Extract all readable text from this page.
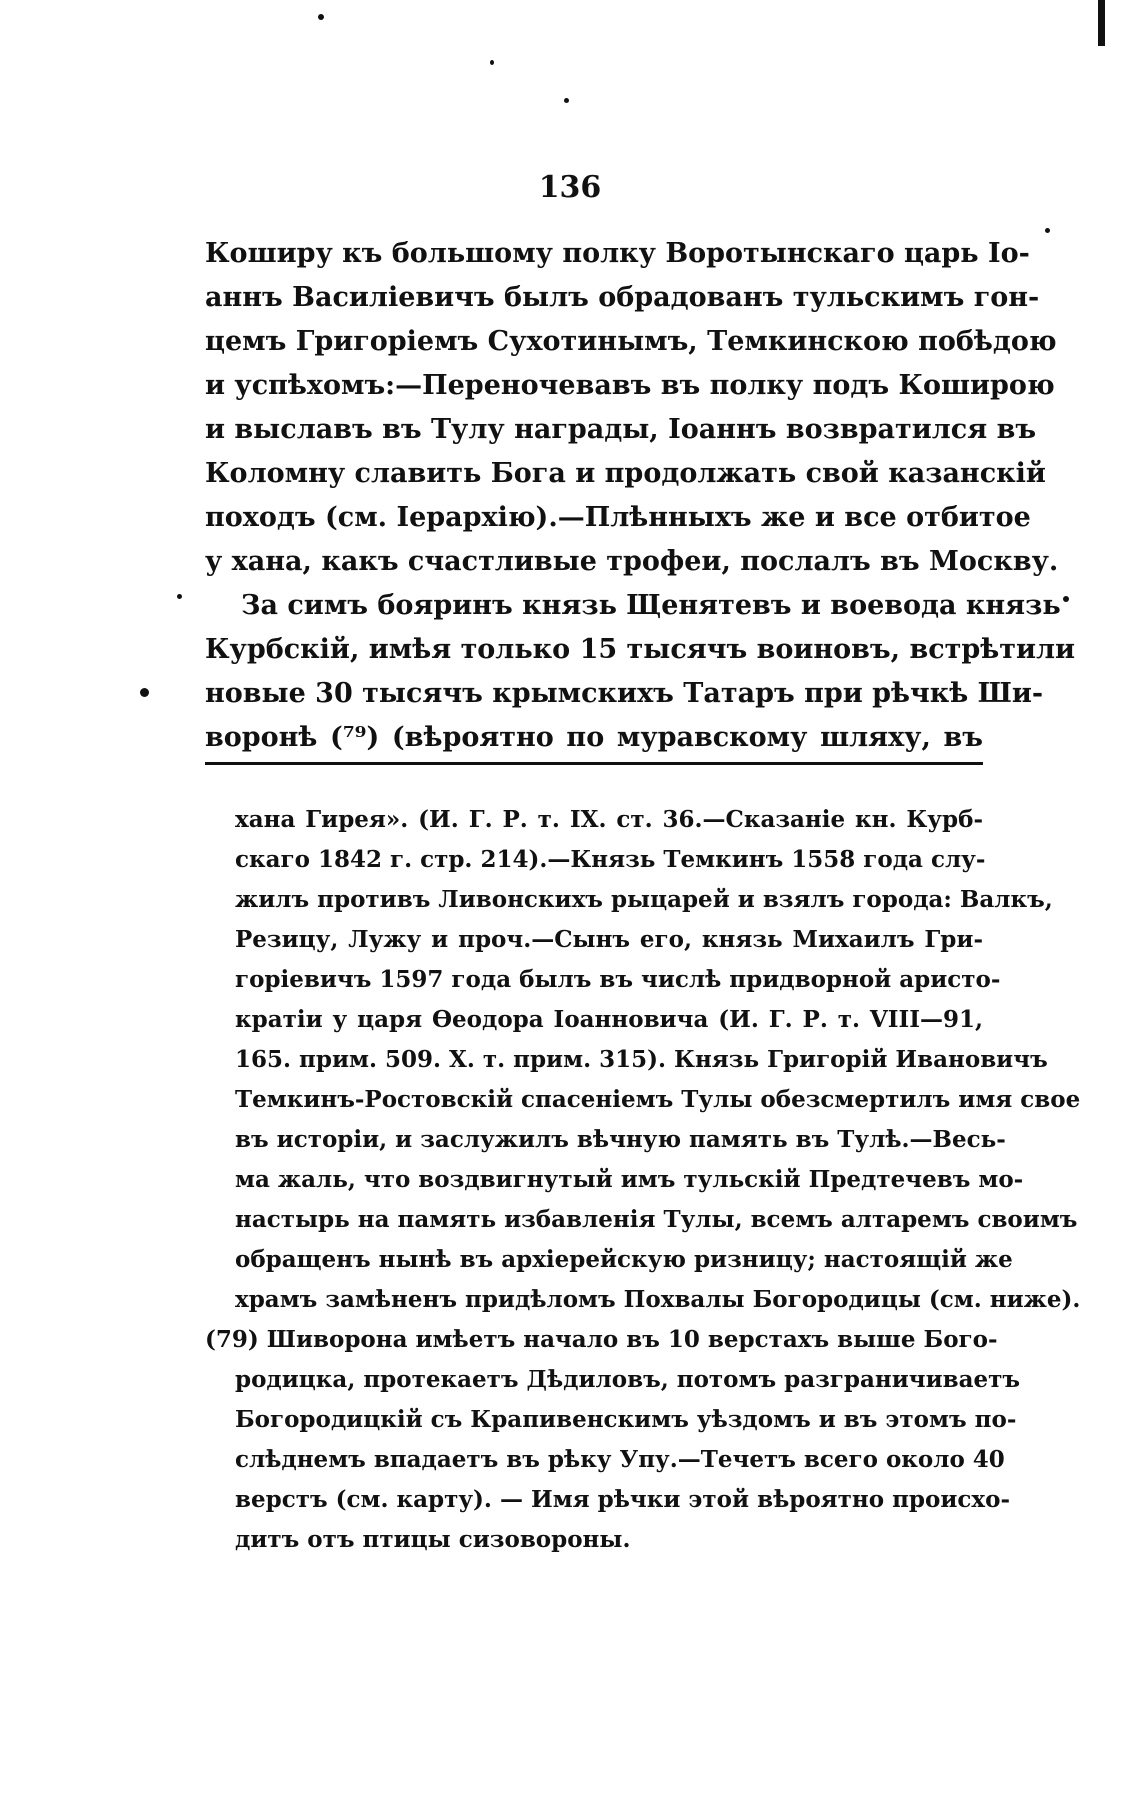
136
Коширу къ большому полку Воротынскаго царь Іо-
аннъ Василіевичъ былъ обрадованъ тульскимъ гон-
цемъ Григоріемъ Сухотинымъ, Темкинскою побѣдою
и успѣхомъ:—Переночевавъ въ полку подъ Коширою
и выславъ въ Тулу награды, Іоаннъ возвратился въ
Коломну славить Бога и продолжать свой казанскій
походъ (см. Іерархію).—Плѣнныхъ же и все отбитое
у хана, какъ счастливые трофеи, послалъ въ Москву.
За симъ бояринъ князь Щенятевъ и воевода князь
Курбскій, имѣя только 15 тысячъ воиновъ, встрѣтили
новые 30 тысячъ крымскихъ Татаръ при рѣчкѣ Ши-
воронѣ (⁷⁹) (вѣроятно по муравскому шляху, въ
хана Гирея». (И. Г. Р. т. IX. ст. 36.—Сказаніе кн. Курб-
скаго 1842 г. стр. 214).—Князь Темкинъ 1558 года слу-
жилъ противъ Ливонскихъ рыцарей и взялъ города: Валкъ,
Резицу, Лужу и проч.—Сынъ его, князь Михаилъ Гри-
горіевичъ 1597 года былъ въ числѣ придворной аристо-
кратіи у царя Ѳеодора Іоанновича (И. Г. Р. т. VIII—91,
165. прим. 509. X. т. прим. 315). Князь Григорій Ивановичъ
Темкинъ-Ростовскій спасеніемъ Тулы обезсмертилъ имя свое
въ исторіи, и заслужилъ вѣчную память въ Тулѣ.—Весь-
ма жаль, что воздвигнутый имъ тульскій Предтечевъ мо-
настырь на память избавленія Тулы, всемъ алтаремъ своимъ
обращенъ нынѣ въ архіерейскую ризницу; настоящій же
храмъ замѣненъ придѣломъ Похвалы Богородицы (см. ниже).
(79) Шиворона имѣетъ начало въ 10 верстахъ выше Бого-
родицка, протекаетъ Дѣдиловъ, потомъ разграничиваетъ
Богородицкій съ Крапивенскимъ уѣздомъ и въ этомъ по-
слѣднемъ впадаетъ въ рѣку Упу.—Течетъ всего около 40
верстъ (см. карту). — Имя рѣчки этой вѣроятно происхо-
дитъ отъ птицы сизовороны.
